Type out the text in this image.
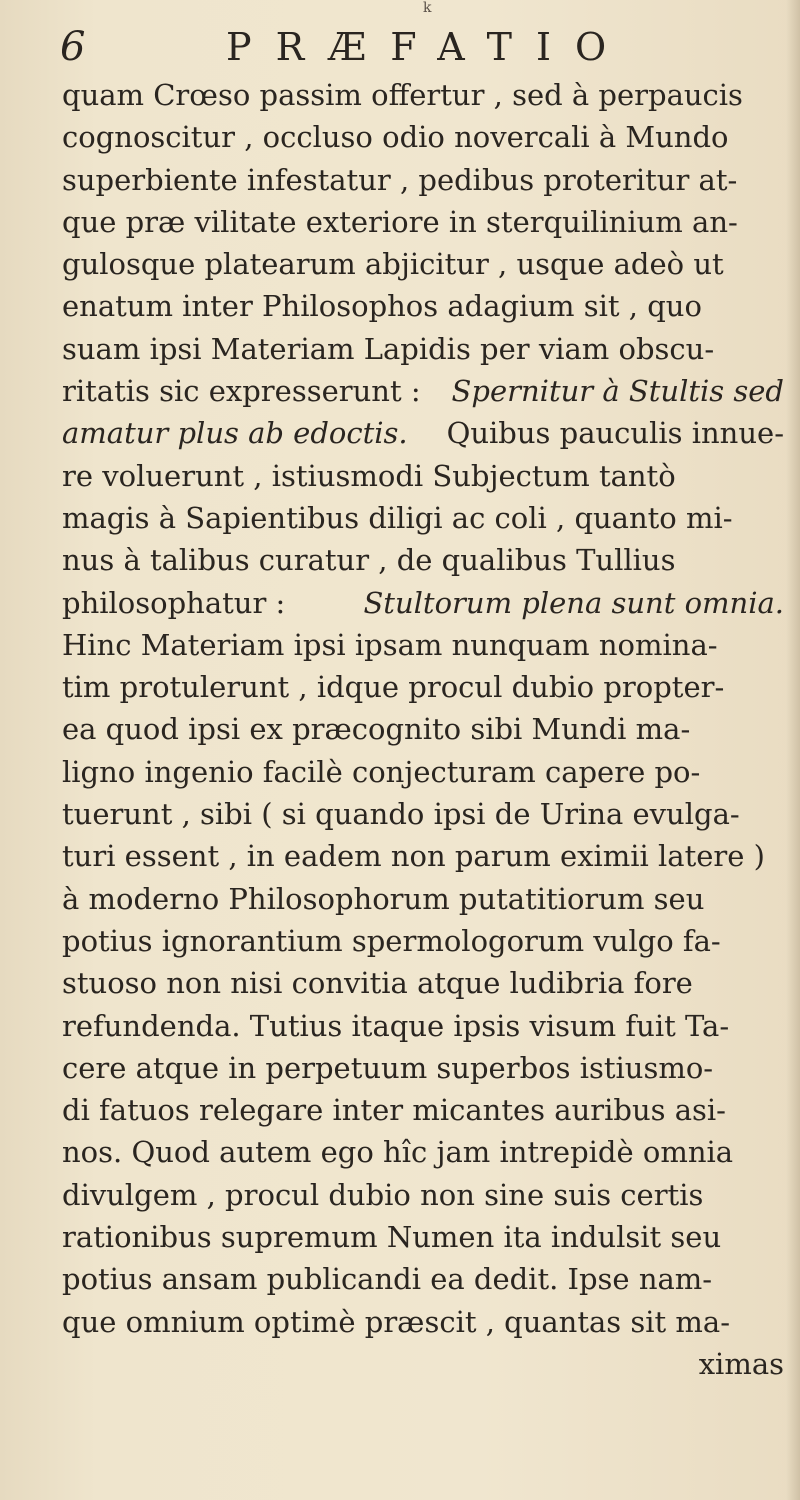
k
6	PRÆFATIO
quam Crœso passim offertur , sed à perpaucis
cognoscitur , occluso odio novercali à Mundo
superbiente infestatur , pedibus proteritur at-
que præ vilitate exteriore in sterquilinium an-
gulosque platearum abjicitur , usque adeò ut
enatum inter Philosophos adagium sit , quo
suam ipsi Materiam Lapidis per viam obscu-
ritatis sic expresserunt : Spernitur à Stultis sed
amatur plus ab edoctis. Quibus pauculis innue-
re voluerunt , istiusmodi Subjectum tantò
magis à Sapientibus diligi ac coli , quanto mi-
nus à talibus curatur , de qualibus Tullius
philosophatur :	Stultorum plena sunt omnia.
Hinc Materiam ipsi ipsam nunquam nomina-
tim protulerunt , idque procul dubio propter-
ea quod ipsi ex præcognito sibi Mundi ma-
ligno ingenio facilè conjecturam capere po-
tuerunt , sibi ( si quando ipsi de Urina evulga-
turi essent , in eadem non parum eximii latere )
à moderno Philosophorum putatitiorum seu
potius ignorantium spermologorum vulgo fa-
stuoso non nisi convitia atque ludibria fore
refundenda. Tutius itaque ipsis visum fuit Ta-
cere atque in perpetuum superbos istiusmo-
di fatuos relegare inter micantes auribus asi-
nos. Quod autem ego hîc jam intrepidè omnia
divulgem , procul dubio non sine suis certis
rationibus supremum Numen ita indulsit seu
potius ansam publicandi ea dedit. Ipse nam-
que omnium optimè præscit , quantas sit ma-
ximas
